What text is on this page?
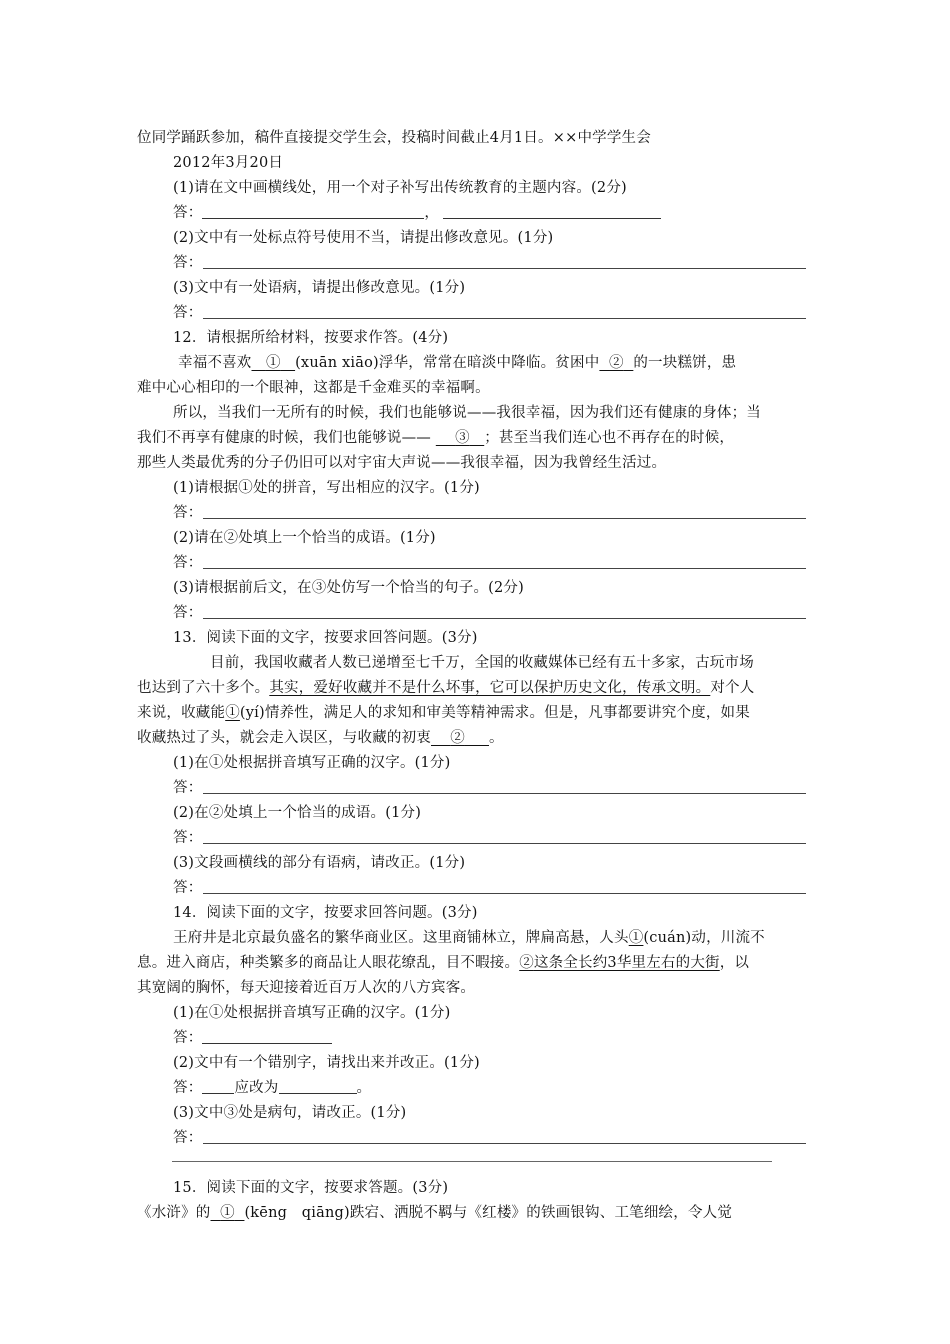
位同学踊跃参加，稿件直接提交学生会，投稿时间截止4月1日。××中学学生会
2012年3月20日
(1)请在文中画横线处，用一个对子补写出传统教育的主题内容。(2分)
答：	，
(2)文中有一处标点符号使用不当，请提出修改意见。(1分)
答：
(3)文中有一处语病，请提出修改意见。(1分)
答：
12．请根据所给材料，按要求作答。(4分)
幸福不喜欢 ① (xuān xiāo)浮华，常常在暗淡中降临。贫困中 ② 的一块糕饼，患
难中心心相印的一个眼神，这都是千金难买的幸福啊。
所以，当我们一无所有的时候，我们也能够说——我很幸福，因为我们还有健康的身体；当
我们不再享有健康的时候，我们也能够说—— ③ ；甚至当我们连心也不再存在的时候，
那些人类最优秀的分子仍旧可以对宇宙大声说——我很幸福，因为我曾经生活过。
(1)请根据①处的拼音，写出相应的汉字。(1分)
答：
(2)请在②处填上一个恰当的成语。(1分)
答：
(3)请根据前后文，在③处仿写一个恰当的句子。(2分)
答：
13．阅读下面的文字，按要求回答问题。(3分)
目前，我国收藏者人数已递增至七千万，全国的收藏媒体已经有五十多家，古玩市场
也达到了六十多个。其实，爱好收藏并不是什么坏事，它可以保护历史文化，传承文明。对个人
来说，收藏能①(yí)情养性，满足人的求知和审美等精神需求。但是，凡事都要讲究个度，如果
收藏热过了头，就会走入误区，与收藏的初衷 ② 。
(1)在①处根据拼音填写正确的汉字。(1分)
答：
(2)在②处填上一个恰当的成语。(1分)
答：
(3)文段画横线的部分有语病，请改正。(1分)
答：
14．阅读下面的文字，按要求回答问题。(3分)
王府井是北京最负盛名的繁华商业区。这里商铺林立，牌扁高悬，人头①(cuán)动，川流不
息。进入商店，种类繁多的商品让人眼花缭乱，目不暇接。②这条全长约3华里左右的大街，以
其宽阔的胸怀，每天迎接着近百万人次的八方宾客。
(1)在①处根据拼音填写正确的汉字。(1分)
答：
(2)文中有一个错别字，请找出来并改正。(1分)
答： 应改为	。
(3)文中③处是病句，请改正。(1分)
答：
15．阅读下面的文字，按要求答题。(3分)
《水浒》的 ① (kēng　qiāng)跌宕、洒脱不羁与《红楼》的铁画银钩、工笔细绘，令人觉
